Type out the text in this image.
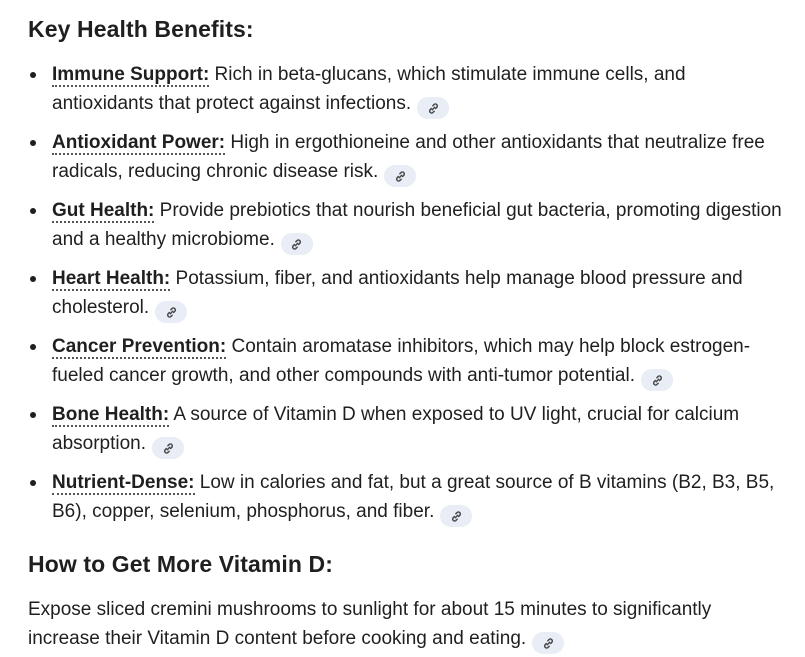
Key Health Benefits:
Immune Support: Rich in beta-glucans, which stimulate immune cells, and antioxidants that protect against infections.
Antioxidant Power: High in ergothioneine and other antioxidants that neutralize free radicals, reducing chronic disease risk.
Gut Health: Provide prebiotics that nourish beneficial gut bacteria, promoting digestion and a healthy microbiome.
Heart Health: Potassium, fiber, and antioxidants help manage blood pressure and cholesterol.
Cancer Prevention: Contain aromatase inhibitors, which may help block estrogen-fueled cancer growth, and other compounds with anti-tumor potential.
Bone Health: A source of Vitamin D when exposed to UV light, crucial for calcium absorption.
Nutrient-Dense: Low in calories and fat, but a great source of B vitamins (B2, B3, B5, B6), copper, selenium, phosphorus, and fiber.
How to Get More Vitamin D:

Expose sliced cremini mushrooms to sunlight for about 15 minutes to significantly increase their Vitamin D content before cooking and eating.
